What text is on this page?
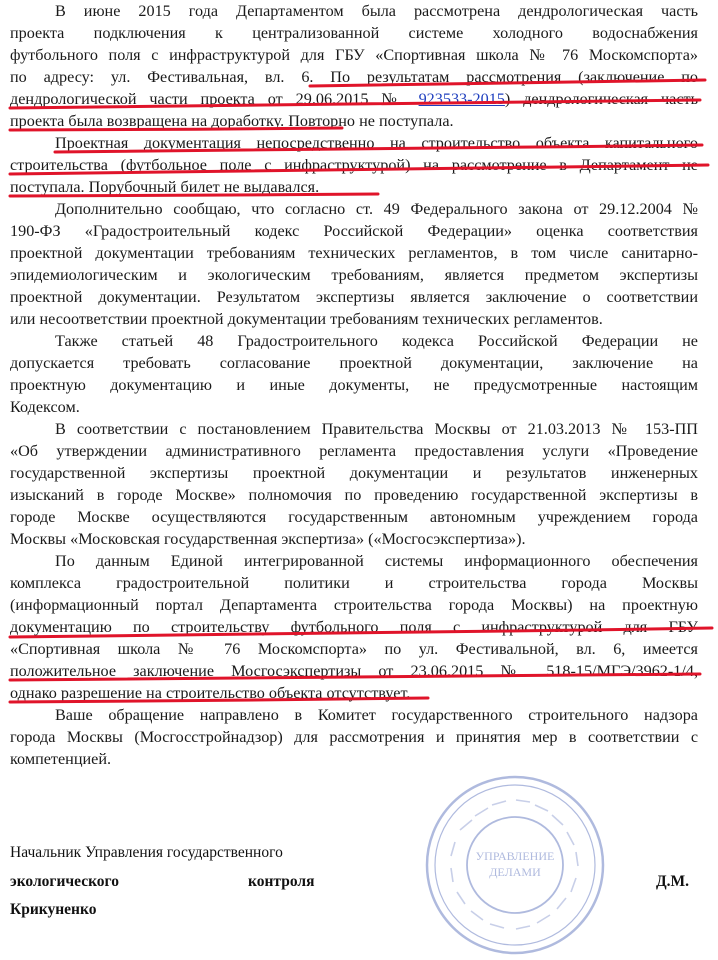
В июне 2015 года Департаментом была рассмотрена дендрологическая часть
проекта подключения к централизованной системе холодного водоснабжения
футбольного поля с инфраструктурой для ГБУ «Спортивная школа № 76 Москомспорта»
по адресу: ул. Фестивальная, вл. 6. По результатам рассмотрения (заключение по
дендрологической части проекта от 29.06.2015 № 923533-2015) дендрологическая часть
проекта была возвращена на доработку. Повторно не поступала.
Проектная документация непосредственно на строительство объекта капитального
строительства (футбольное поле с инфраструктурой) на рассмотрение в Департамент не
поступала. Порубочный билет не выдавался.
Дополнительно сообщаю, что согласно ст. 49 Федерального закона от 29.12.2004 №
190-ФЗ «Градостроительный кодекс Российской Федерации» оценка соответствия
проектной документации требованиям технических регламентов, в том числе санитарно-
эпидемиологическим и экологическим требованиям, является предметом экспертизы
проектной документации. Результатом экспертизы является заключение о соответствии
или несоответствии проектной документации требованиям технических регламентов.
Также статьей 48 Градостроительного кодекса Российской Федерации не
допускается требовать согласование проектной документации, заключение на
проектную документацию и иные документы, не предусмотренные настоящим
Кодексом.
В соответствии с постановлением Правительства Москвы от 21.03.2013 № 153-ПП
«Об утверждении административного регламента предоставления услуги «Проведение
государственной экспертизы проектной документации и результатов инженерных
изысканий в городе Москве» полномочия по проведению государственной экспертизы в
городе Москве осуществляются государственным автономным учреждением города
Москвы «Московская государственная экспертиза» («Мосгосэкспертиза»).
По данным Единой интегрированной системы информационного обеспечения
комплекса градостроительной политики и строительства города Москвы
(информационный портал Департамента строительства города Москвы) на проектную
документацию по строительству футбольного поля с инфраструктурой для ГБУ
«Спортивная школа № 76 Москомспорта» по ул. Фестивальной, вл. 6, имеется
положительное заключение Мосгосэкспертизы от 23.06.2015 № 518-15/МГЭ/3962-1/4,
однако разрешение на строительство объекта отсутствует.
Ваше обращение направлено в Комитет государственного строительного надзора
города Москвы (Мосгосстройнадзор) для рассмотрения и принятия мер в соответствии с
компетенцией.
УПРАВЛЕНИЕ
ДЕЛАМИ
Начальник Управления государственного
экологического	контроля	Д.М.
Крикуненко
